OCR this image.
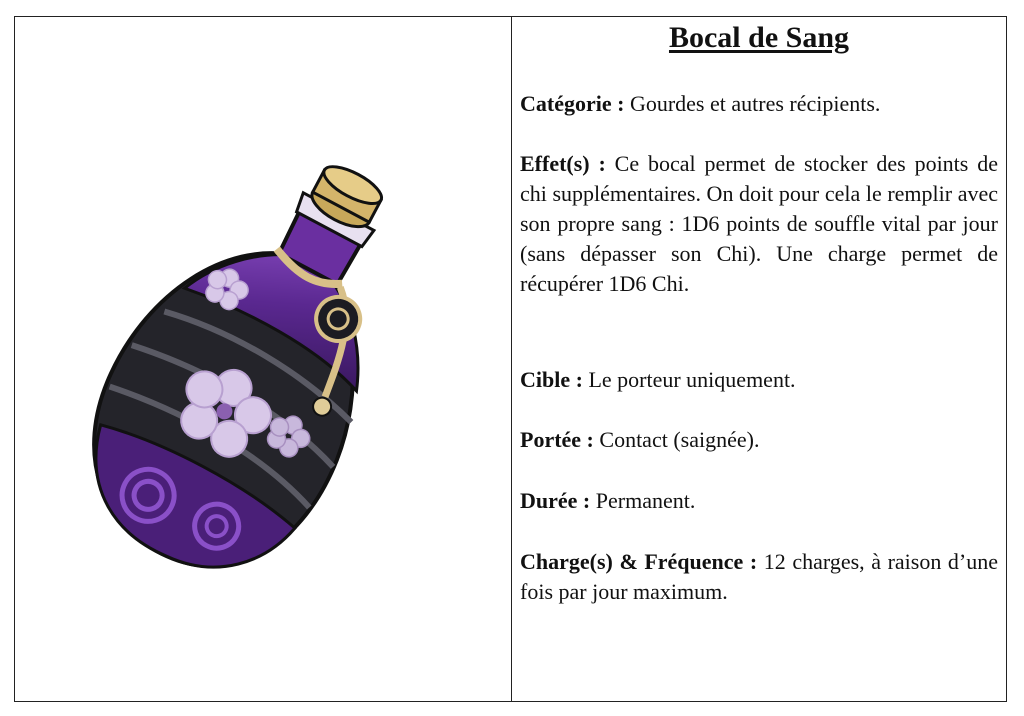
Bocal de Sang
Catégorie : Gourdes et autres récipients.
Effet(s) : Ce bocal permet de stocker des points de chi supplémentaires. On doit pour cela le remplir avec son propre sang : 1D6 points de souffle vital par jour (sans dépasser son Chi). Une charge permet de récupérer 1D6 Chi.
Cible : Le porteur uniquement.
Portée : Contact (saignée).
Durée : Permanent.
Charge(s) & Fréquence : 12 charges, à raison d’une fois par jour maximum.
